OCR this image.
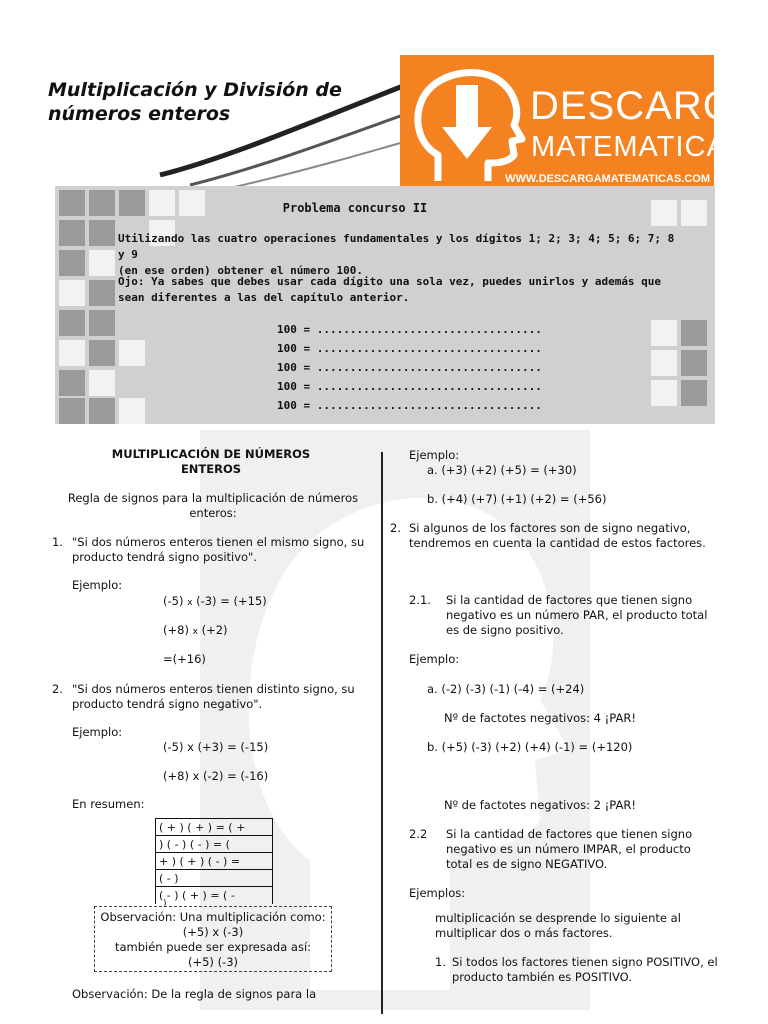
Multiplicación y División de
números enteros	DESCARGA
MATEMATICAS
WWW.DESCARGAMATEMATICAS.COM
Problema concurso II
Utilizando las cuatro operaciones fundamentales y los dígitos 1; 2; 3; 4; 5; 6; 7; 8 y 9
(en ese orden) obtener el número 100.
Ojo: Ya sabes que debes usar cada dígito una sola vez, puedes unirlos y además que
sean diferentes a las del capítulo anterior.
100 = ..................................
100 = ..................................
100 = ..................................
100 = ..................................
100 = ..................................
MULTIPLICACIÓN DE NÚMEROS
ENTEROS
Regla de signos para la multiplicación de números
enteros:
1. "Si dos números enteros tienen el mismo signo, su
producto tendrá signo positivo".
Ejemplo:
(-5) x (-3) = (+15)
(+8) x (+2)
=(+16)
2. "Si dos números enteros tienen distinto signo, su
producto tendrá signo negativo".
Ejemplo:
(-5) x (+3) = (-15)
(+8) x (-2) = (-16)
En resumen:
( + ) ( + ) = ( +
) ( - ) ( - ) = (
+ ) ( + ) ( - ) =
( - )
( - ) ( + ) = ( -
)
Observación: Una multiplicación como:
(+5) x (-3)
también puede ser expresada así:
(+5) (-3)
Observación: De la regla de signos para la
Ejemplo:
a. (+3) (+2) (+5) = (+30)
b. (+4) (+7) (+1) (+2) = (+56)
2. Si algunos de los factores son de signo negativo,
tendremos en cuenta la cantidad de estos factores.
2.1. Si la cantidad de factores que tienen signo
negativo es un número PAR, el producto total
es de signo positivo.
Ejemplo:
a. (-2) (-3) (-1) (-4) = (+24)
Nº de factotes negativos: 4 ¡PAR!
b. (+5) (-3) (+2) (+4) (-1) = (+120)
Nº de factotes negativos: 2 ¡PAR!
2.2 Si la cantidad de factores que tienen signo
negativo es un número IMPAR, el producto
total es de signo NEGATIVO.
Ejemplos:
multiplicación se desprende lo siguiente al
multiplicar dos o más factores.
1. Si todos los factores tienen signo POSITIVO, el
producto también es POSITIVO.
